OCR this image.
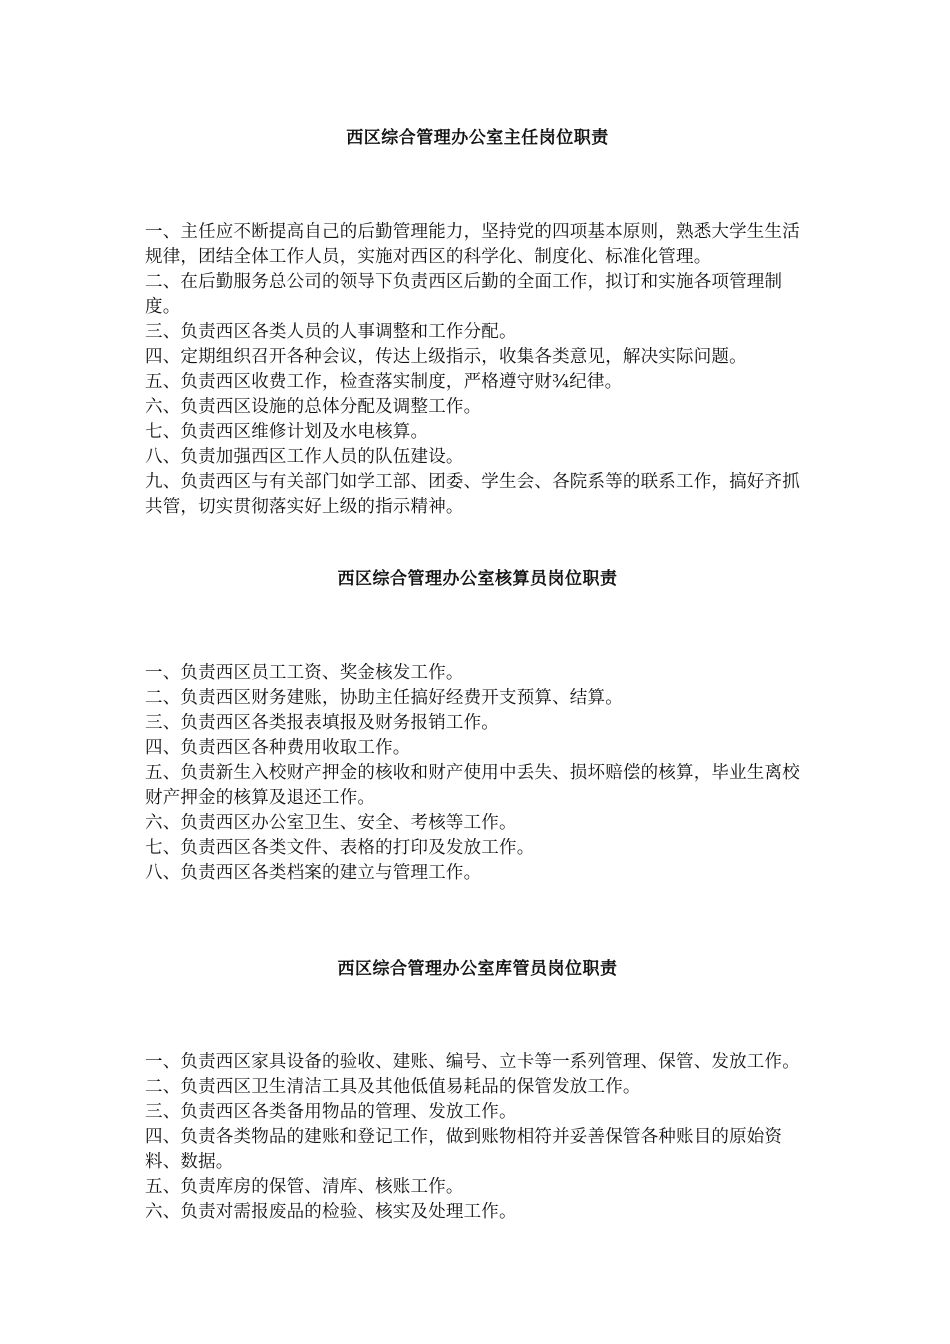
西区综合管理办公室主任岗位职责
一、主任应不断提高自己的后勤管理能力，坚持党的四项基本原则，熟悉大学生生活规律，团结全体工作人员，实施对西区的科学化、制度化、标准化管理。
二、在后勤服务总公司的领导下负责西区后勤的全面工作，拟订和实施各项管理制度。
三、负责西区各类人员的人事调整和工作分配。
四、定期组织召开各种会议，传达上级指示，收集各类意见，解决实际问题。
五、负责西区收费工作，检查落实制度，严格遵守财¾纪律。
六、负责西区设施的总体分配及调整工作。
七、负责西区维修计划及水电核算。
八、负责加强西区工作人员的队伍建设。
九、负责西区与有关部门如学工部、团委、学生会、各院系等的联系工作，搞好齐抓共管，切实贯彻落实好上级的指示精神。
西区综合管理办公室核算员岗位职责
一、负责西区员工工资、奖金核发工作。
二、负责西区财务建账，协助主任搞好经费开支预算、结算。
三、负责西区各类报表填报及财务报销工作。
四、负责西区各种费用收取工作。
五、负责新生入校财产押金的核收和财产使用中丢失、损坏赔偿的核算，毕业生离校财产押金的核算及退还工作。
六、负责西区办公室卫生、安全、考核等工作。
七、负责西区各类文件、表格的打印及发放工作。
八、负责西区各类档案的建立与管理工作。
西区综合管理办公室库管员岗位职责
一、负责西区家具设备的验收、建账、编号、立卡等一系列管理、保管、发放工作。
二、负责西区卫生清洁工具及其他低值易耗品的保管发放工作。
三、负责西区各类备用物品的管理、发放工作。
四、负责各类物品的建账和登记工作，做到账物相符并妥善保管各种账目的原始资料、数据。
五、负责库房的保管、清库、核账工作。
六、负责对需报废品的检验、核实及处理工作。
